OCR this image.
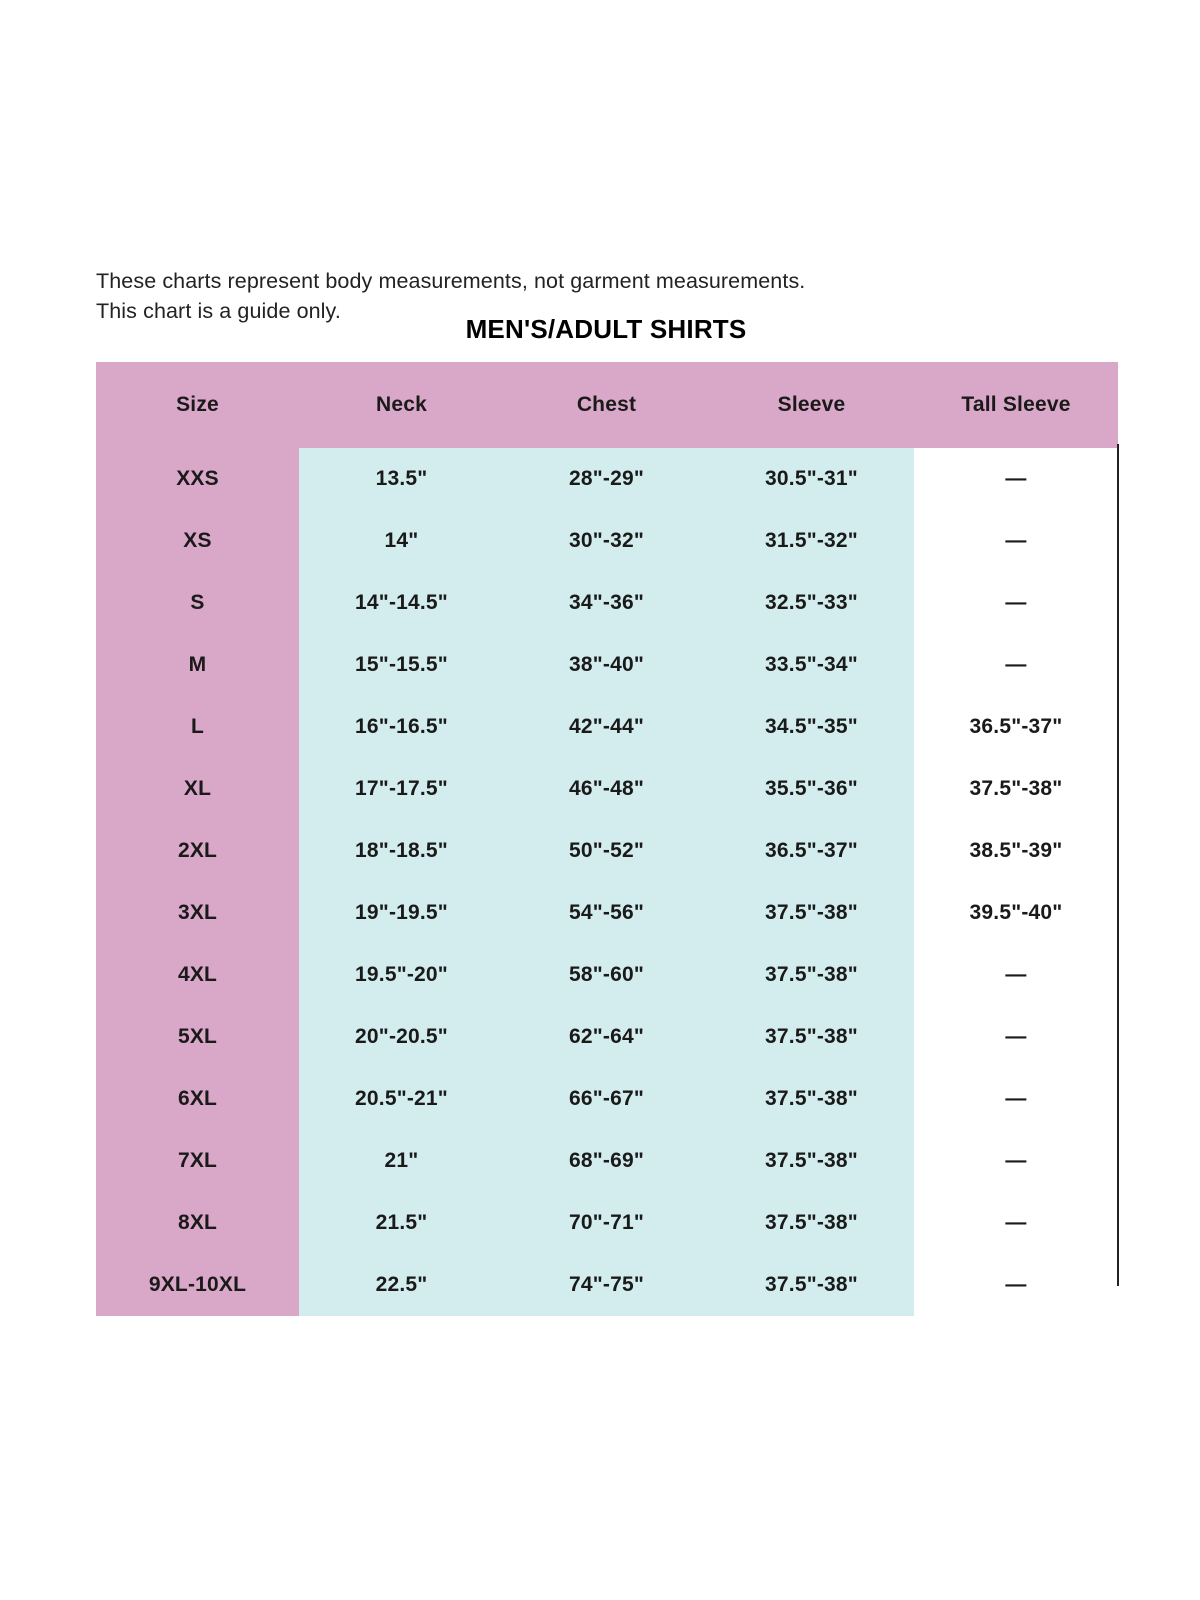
These charts represent body measurements, not garment measurements.
This chart is a guide only.
MEN'S/ADULT SHIRTS
Size	Neck	Chest	Sleeve	Tall Sleeve
XXS	13.5"	28"-29"	30.5"-31"	—
XS	14"	30"-32"	31.5"-32"	—
S	14"-14.5"	34"-36"	32.5"-33"	—
M	15"-15.5"	38"-40"	33.5"-34"	—
L	16"-16.5"	42"-44"	34.5"-35"	36.5"-37"
XL	17"-17.5"	46"-48"	35.5"-36"	37.5"-38"
2XL	18"-18.5"	50"-52"	36.5"-37"	38.5"-39"
3XL	19"-19.5"	54"-56"	37.5"-38"	39.5"-40"
4XL	19.5"-20"	58"-60"	37.5"-38"	—
5XL	20"-20.5"	62"-64"	37.5"-38"	—
6XL	20.5"-21"	66"-67"	37.5"-38"	—
7XL	21"	68"-69"	37.5"-38"	—
8XL	21.5"	70"-71"	37.5"-38"	—
9XL-10XL	22.5"	74"-75"	37.5"-38"	—
